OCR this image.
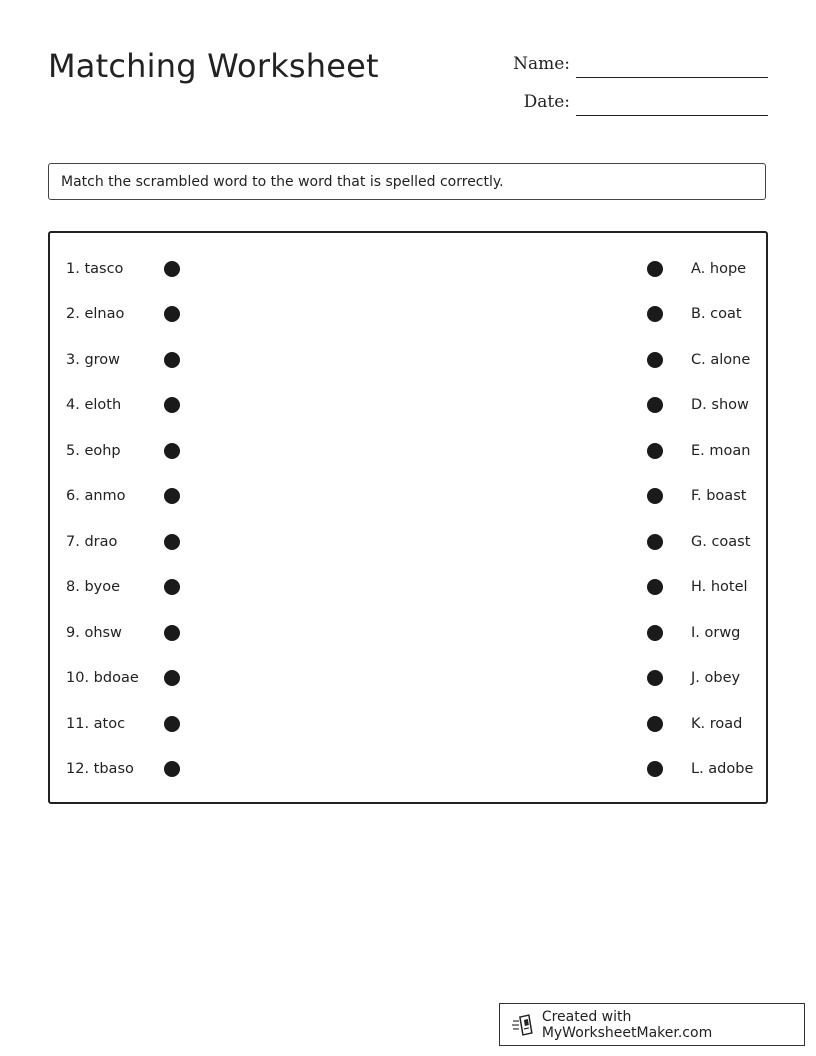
Matching Worksheet	Name:
Date:
Match the scrambled word to the word that is spelled correctly.
1. tasco	A. hope
2. elnao	B. coat
3. grow	C. alone
4. eloth	D. show
5. eohp	E. moan
6. anmo	F. boast
7. drao	G. coast
8. byoe	H. hotel
9. ohsw	I. orwg
10. bdoae	J. obey
11. atoc	K. road
12. tbaso	L. adobe
Created with MyWorksheetMaker.com
